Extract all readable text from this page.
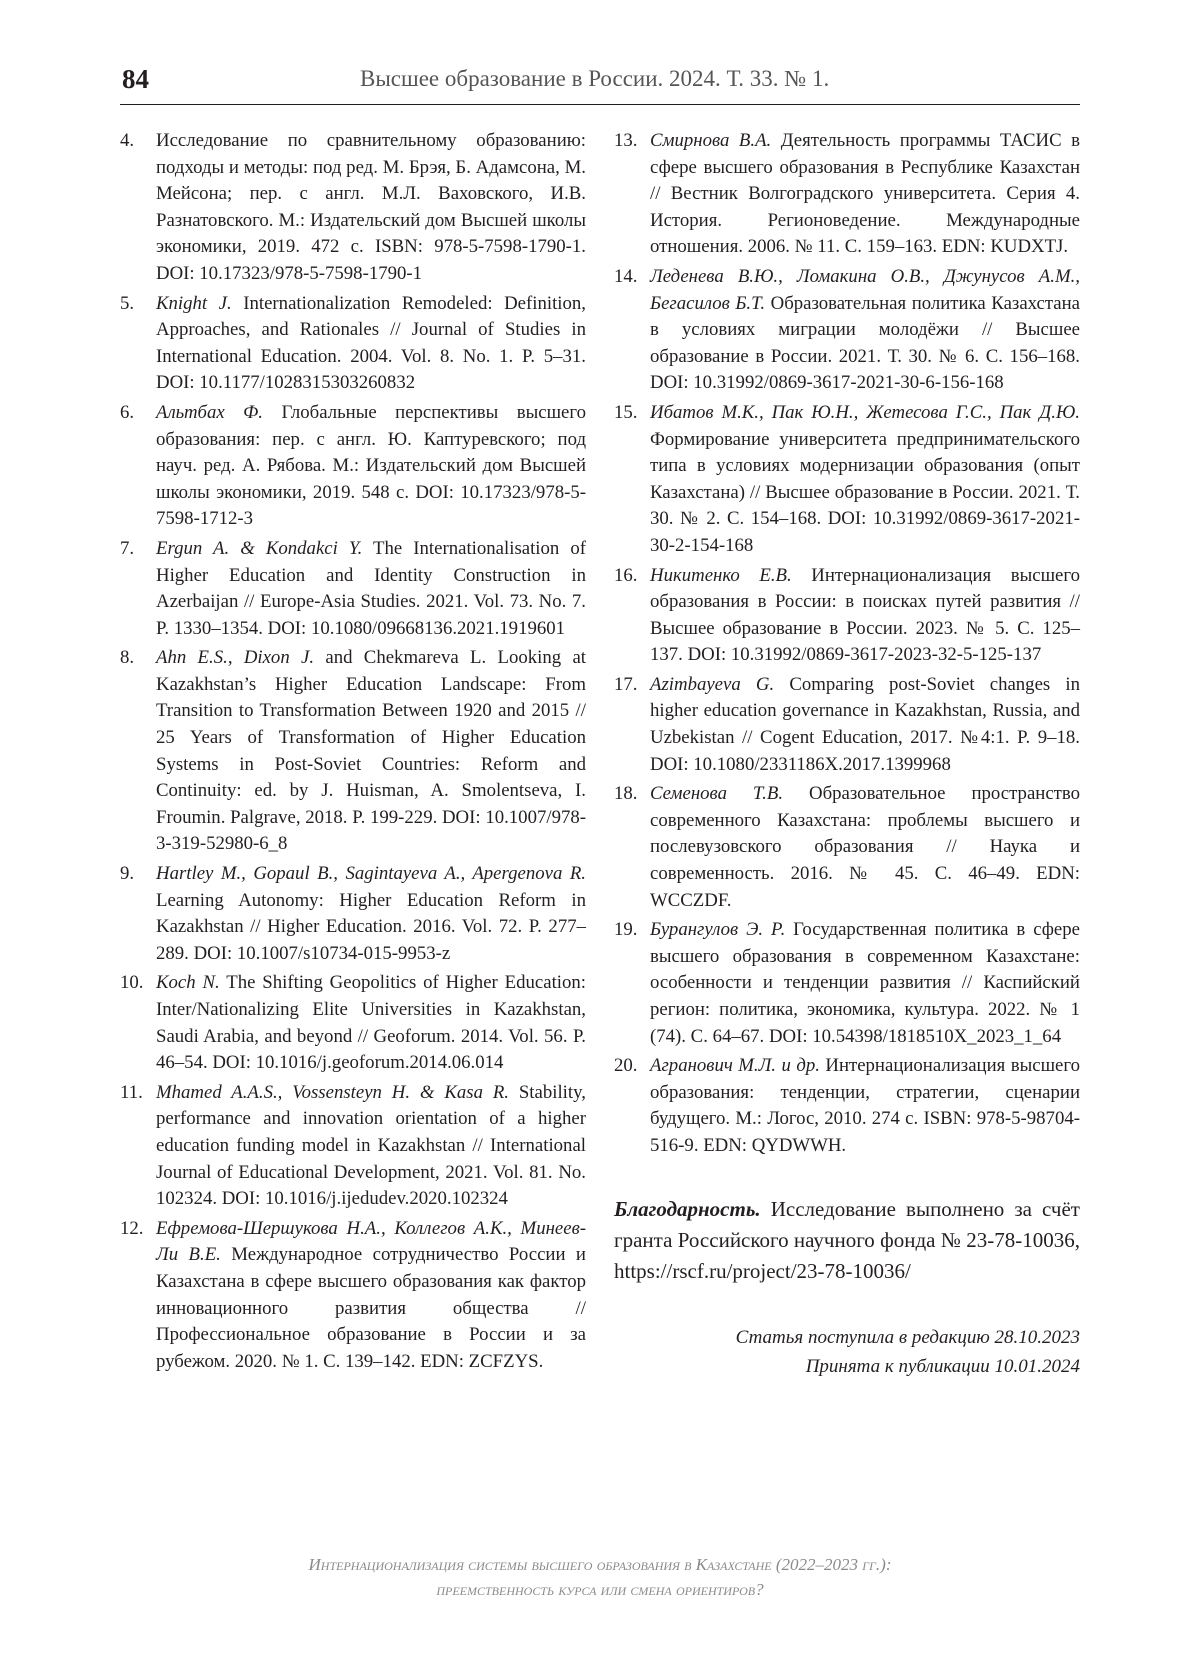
84	Высшее образование в России. 2024. Т. 33. № 1.
4. Исследование по сравнительному образованию: подходы и методы: под ред. М. Брэя, Б. Адамсона, М. Мейсона; пер. с англ. М.Л. Ваховского, И.В. Разнатовского. М.: Издательский дом Высшей школы экономики, 2019. 472 с. ISBN: 978-5-7598-1790-1. DOI: 10.17323/978-5-7598-1790-1
5. Knight J. Internationalization Remodeled: Definition, Approaches, and Rationales // Journal of Studies in International Education. 2004. Vol. 8. No. 1. P. 5–31. DOI: 10.1177/1028315303260832
6. Альтбах Ф. Глобальные перспективы высшего образования: пер. с англ. Ю. Каптуревского; под науч. ред. А. Рябова. М.: Издательский дом Высшей школы экономики, 2019. 548 с. DOI: 10.17323/978-5-7598-1712-3
7. Ergun A. & Kondakci Y. The Internationalisation of Higher Education and Identity Construction in Azerbaijan // Europe-Asia Studies. 2021. Vol. 73. No. 7. P. 1330–1354. DOI: 10.1080/09668136.2021.1919601
8. Ahn E.S., Dixon J. and Chekmareva L. Looking at Kazakhstan’s Higher Education Landscape: From Transition to Transformation Between 1920 and 2015 // 25 Years of Transformation of Higher Education Systems in Post-Soviet Countries: Reform and Continuity: ed. by J. Huisman, A. Smolentseva, I. Froumin. Palgrave, 2018. P. 199-229. DOI: 10.1007/978-3-319-52980-6_8
9. Hartley M., Gopaul B., Sagintayeva A., Apergenova R. Learning Autonomy: Higher Education Reform in Kazakhstan // Higher Education. 2016. Vol. 72. P. 277–289. DOI: 10.1007/s10734-015-9953-z
10. Koch N. The Shifting Geopolitics of Higher Education: Inter/Nationalizing Elite Universities in Kazakhstan, Saudi Arabia, and beyond // Geoforum. 2014. Vol. 56. P. 46–54. DOI: 10.1016/j.geoforum.2014.06.014
11. Mhamed A.A.S., Vossensteyn H. & Kasa R. Stability, performance and innovation orientation of a higher education funding model in Kazakhstan // International Journal of Educational Development, 2021. Vol. 81. No. 102324. DOI: 10.1016/j.ijedudev.2020.102324
12. Ефремова-Шершукова Н.А., Коллегов А.К., Минеев-Ли В.Е. Международное сотрудничество России и Казахстана в сфере высшего образования как фактор инновационного развития общества // Профессиональное образование в России и за рубежом. 2020. № 1. С. 139–142. EDN: ZCFZYS.
13. Смирнова В.А. Деятельность программы ТАСИС в сфере высшего образования в Республике Казахстан // Вестник Волгоградского университета. Серия 4. История. Регионоведение. Международные отношения. 2006. № 11. С. 159–163. EDN: KUDXTJ.
14. Леденева В.Ю., Ломакина О.В., Джунусов А.М., Бегасилов Б.Т. Образовательная политика Казахстана в условиях миграции молодёжи // Высшее образование в России. 2021. Т. 30. № 6. С. 156–168. DOI: 10.31992/0869-3617-2021-30-6-156-168
15. Ибатов М.К., Пак Ю.Н., Жетесова Г.С., Пак Д.Ю. Формирование университета предпринимательского типа в условиях модернизации образования (опыт Казахстана) // Высшее образование в России. 2021. Т. 30. № 2. С. 154–168. DOI: 10.31992/0869-3617-2021-30-2-154-168
16. Никитенко Е.В. Интернационализация высшего образования в России: в поисках путей развития // Высшее образование в России. 2023. № 5. С. 125–137. DOI: 10.31992/0869-3617-2023-32-5-125-137
17. Azimbayeva G. Comparing post-Soviet changes in higher education governance in Kazakhstan, Russia, and Uzbekistan // Cogent Education, 2017. №4:1. P. 9–18. DOI: 10.1080/2331186X.2017.1399968
18. Семенова Т.В. Образовательное пространство современного Казахстана: проблемы высшего и послевузовского образования // Наука и современность. 2016. № 45. С. 46–49. EDN: WCCZDF.
19. Бурангулов Э. Р. Государственная политика в сфере высшего образования в современном Казахстане: особенности и тенденции развития // Каспийский регион: политика, экономика, культура. 2022. № 1 (74). С. 64–67. DOI: 10.54398/1818510X_2023_1_64
20. Агранович М.Л. и др. Интернационализация высшего образования: тенденции, стратегии, сценарии будущего. М.: Логос, 2010. 274 с. ISBN: 978-5-98704-516-9. EDN: QYDWWH.

Благодарность. Исследование выполнено за счёт гранта Российского научного фонда № 23-78-10036, https://rscf.ru/project/23-78-10036/

Статья поступила в редакцию 28.10.2023
Принята к публикации 10.01.2024
Интернационализация системы высшего образования в Казахстане (2022–2023 гг.):
преемственность курса или смена ориентиров?
